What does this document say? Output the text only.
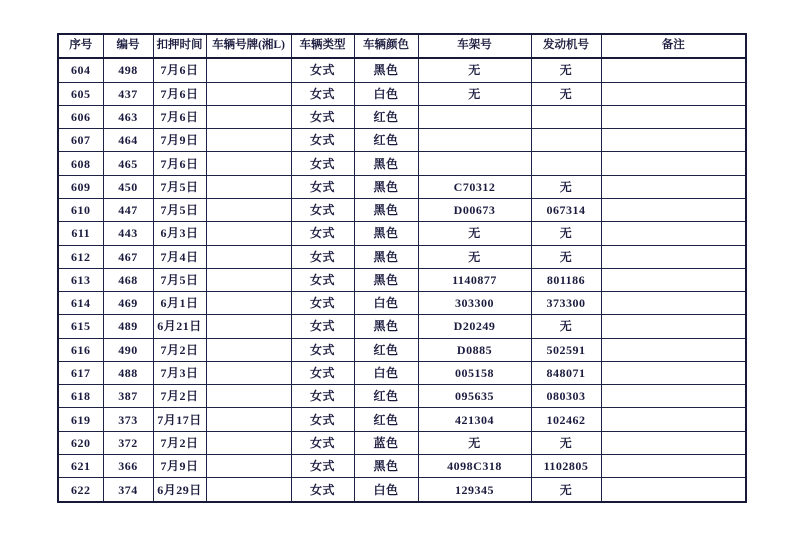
序号	编号	扣押时间	车辆号牌(湘L)	车辆类型	车辆颜色	车架号	发动机号	备注
604	498	7月6日		女式	黑色	无	无	
605	437	7月6日		女式	白色	无	无	
606	463	7月6日		女式	红色			
607	464	7月9日		女式	红色			
608	465	7月6日		女式	黑色			
609	450	7月5日		女式	黑色	C70312	无	
610	447	7月5日		女式	黑色	D00673	067314	
611	443	6月3日		女式	黑色	无	无	
612	467	7月4日		女式	黑色	无	无	
613	468	7月5日		女式	黑色	1140877	801186	
614	469	6月1日		女式	白色	303300	373300	
615	489	6月21日		女式	黑色	D20249	无	
616	490	7月2日		女式	红色	D0885	502591	
617	488	7月3日		女式	白色	005158	848071	
618	387	7月2日		女式	红色	095635	080303	
619	373	7月17日		女式	红色	421304	102462	
620	372	7月2日		女式	蓝色	无	无	
621	366	7月9日		女式	黑色	4098C318	1102805	
622	374	6月29日		女式	白色	129345	无	
